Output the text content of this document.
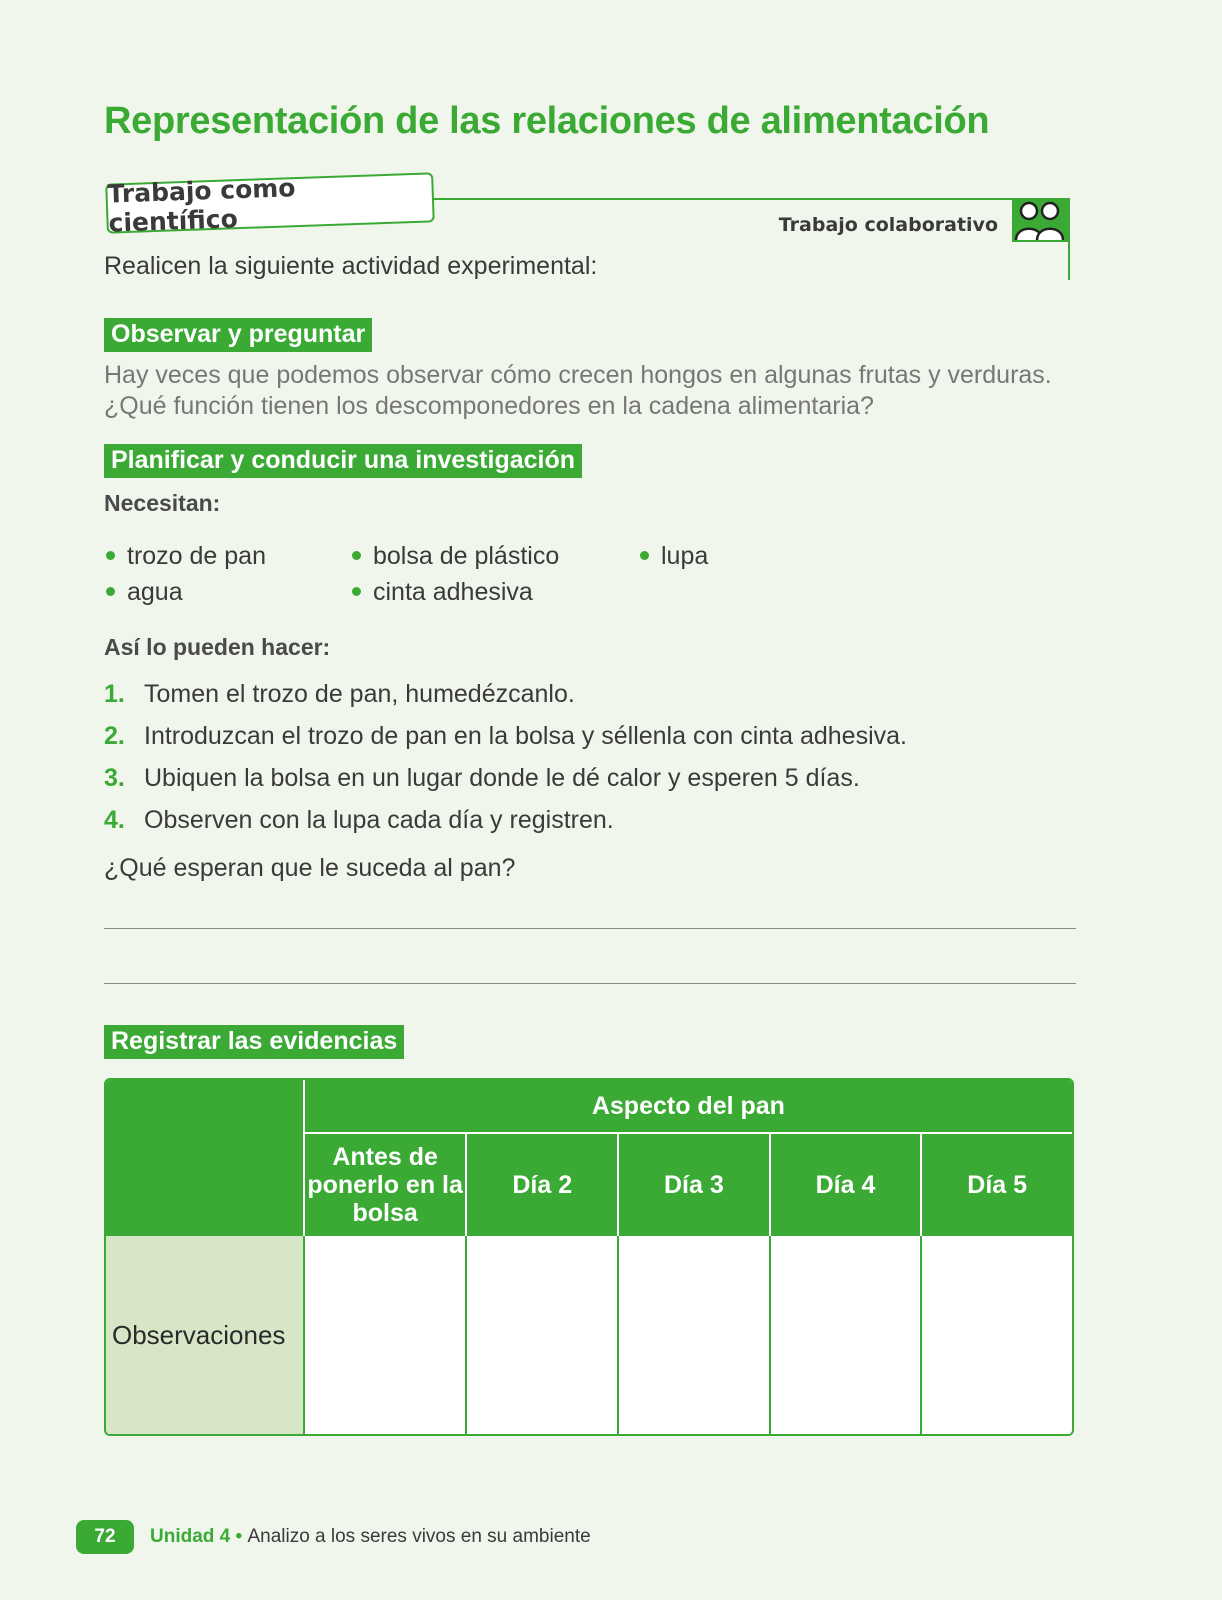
Representación de las relaciones de alimentación
Trabajo como científico	Trabajo colaborativo
Realicen la siguiente actividad experimental:
Observar y preguntar
Hay veces que podemos observar cómo crecen hongos en algunas frutas y verduras.
¿Qué función tienen los descomponedores en la cadena alimentaria?
Planificar y conducir una investigación
Necesitan:
trozo de pan
agua
bolsa de plástico
cinta adhesiva
lupa
Así lo pueden hacer:
1. Tomen el trozo de pan, humedézcanlo.
2. Introduzcan el trozo de pan en la bolsa y séllenla con cinta adhesiva.
3. Ubiquen la bolsa en un lugar donde le dé calor y esperen 5 días.
4. Observen con la lupa cada día y registren.
¿Qué esperan que le suceda al pan?
Registrar las evidencias
	Aspecto del pan				
	Antes de ponerlo en la bolsa	Día 2	Día 3	Día 4	Día 5
Observaciones					
72	Unidad 4 • Analizo a los seres vivos en su ambiente
